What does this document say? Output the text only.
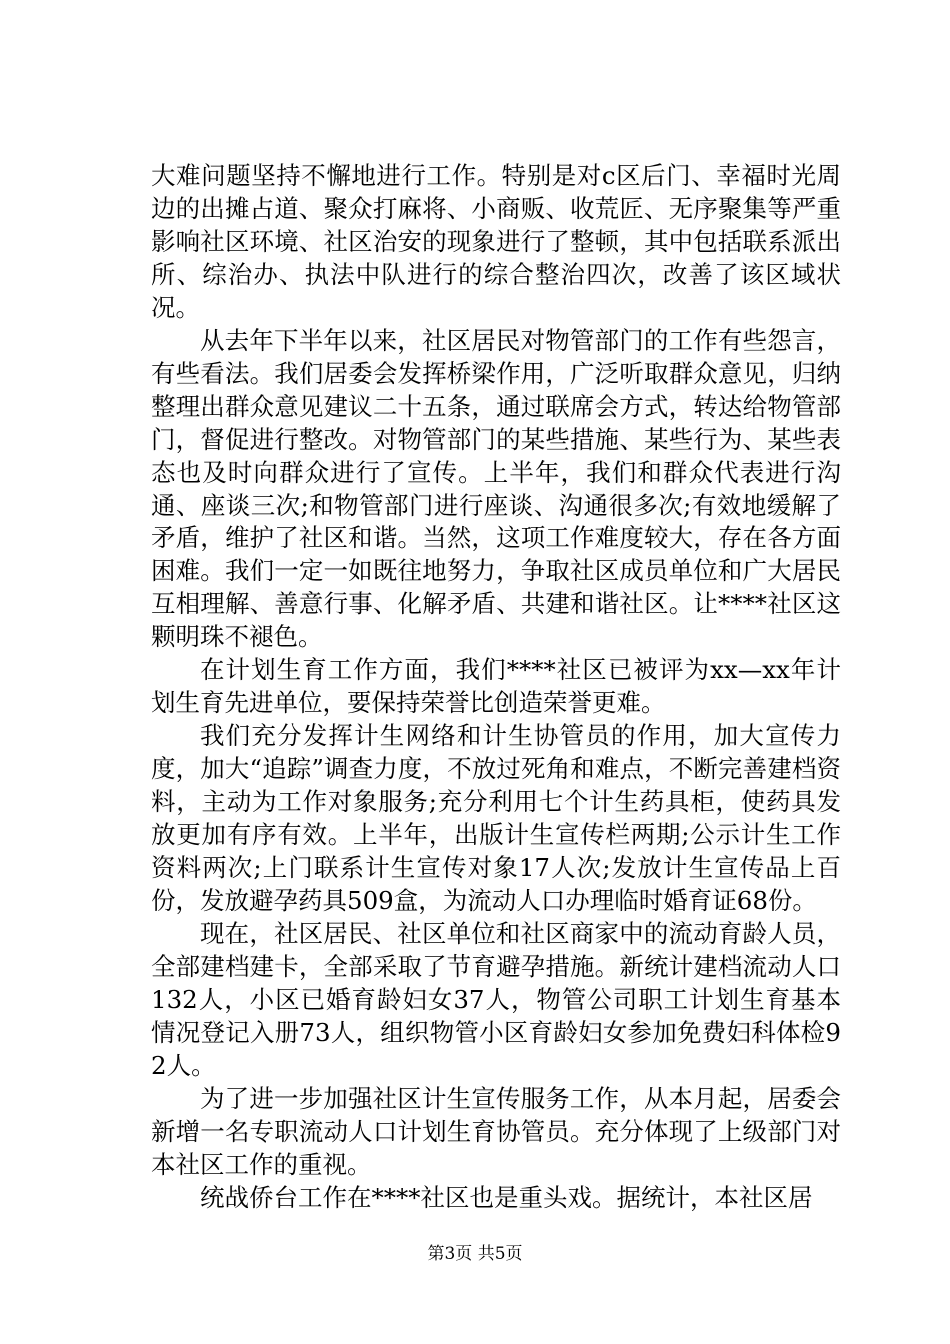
大难问题坚持不懈地进行工作。特别是对c区后门、幸福时光周边的出摊占道、聚众打麻将、小商贩、收荒匠、无序聚集等严重影响社区环境、社区治安的现象进行了整顿，其中包括联系派出所、综治办、执法中队进行的综合整治四次，改善了该区域状况。

从去年下半年以来，社区居民对物管部门的工作有些怨言，有些看法。我们居委会发挥桥梁作用，广泛听取群众意见，归纳整理出群众意见建议二十五条，通过联席会方式，转达给物管部门，督促进行整改。对物管部门的某些措施、某些行为、某些表态也及时向群众进行了宣传。上半年，我们和群众代表进行沟通、座谈三次;和物管部门进行座谈、沟通很多次;有效地缓解了矛盾，维护了社区和谐。当然，这项工作难度较大，存在各方面困难。我们一定一如既往地努力，争取社区成员单位和广大居民互相理解、善意行事、化解矛盾、共建和谐社区。让****社区这颗明珠不褪色。

在计划生育工作方面，我们****社区已被评为xx—xx年计划生育先进单位，要保持荣誉比创造荣誉更难。

我们充分发挥计生网络和计生协管员的作用，加大宣传力度，加大“追踪”调查力度，不放过死角和难点，不断完善建档资料，主动为工作对象服务;充分利用七个计生药具柜，使药具发放更加有序有效。上半年，出版计生宣传栏两期;公示计生工作资料两次;上门联系计生宣传对象17人次;发放计生宣传品上百份，发放避孕药具509盒，为流动人口办理临时婚育证68份。

现在，社区居民、社区单位和社区商家中的流动育龄人员，全部建档建卡，全部采取了节育避孕措施。新统计建档流动人口132人，小区已婚育龄妇女37人，物管公司职工计划生育基本情况登记入册73人，组织物管小区育龄妇女参加免费妇科体检92人。

为了进一步加强社区计生宣传服务工作，从本月起，居委会新增一名专职流动人口计划生育协管员。充分体现了上级部门对本社区工作的重视。

统战侨台工作在****社区也是重头戏。据统计，本社区居

第3页 共5页
